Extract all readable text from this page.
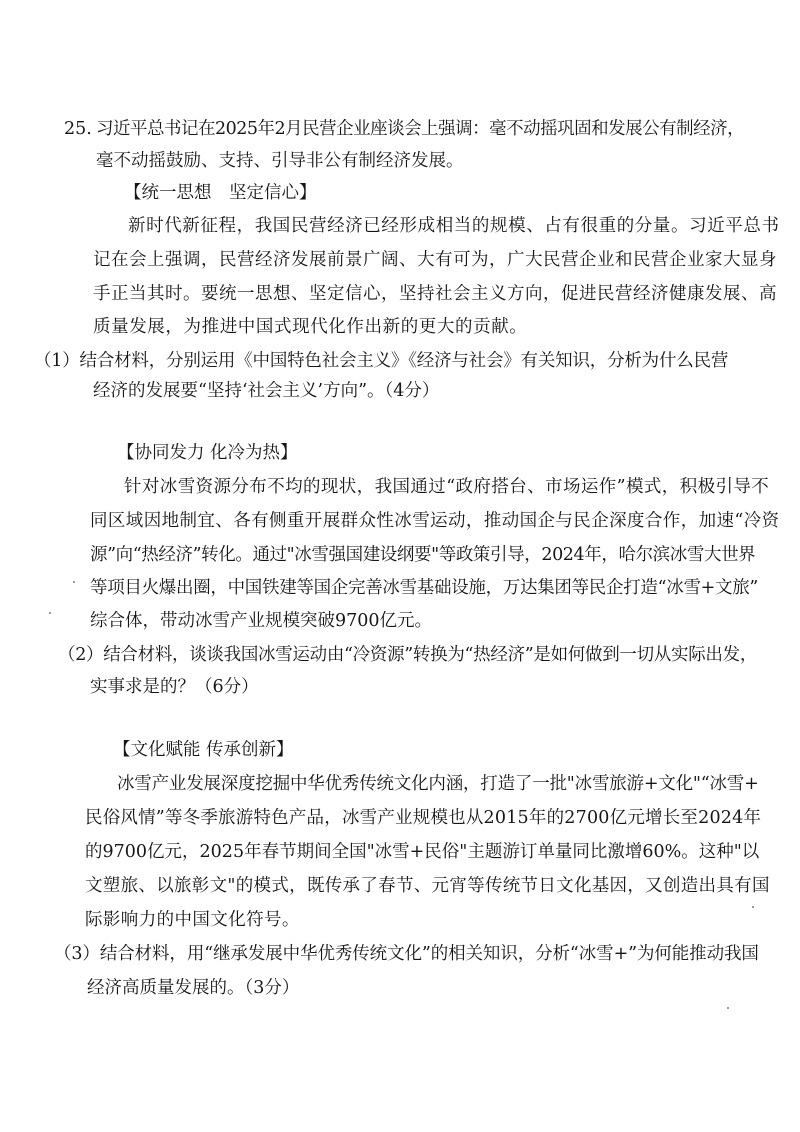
25. 习近平总书记在2025年2月民营企业座谈会上强调：毫不动摇巩固和发展公有制经济，
毫不动摇鼓励、支持、引导非公有制经济发展。
【统一思想　坚定信心】
新时代新征程，我国民营经济已经形成相当的规模、占有很重的分量。习近平总书
记在会上强调，民营经济发展前景广阔、大有可为，广大民营企业和民营企业家大显身
手正当其时。要统一思想、坚定信心，坚持社会主义方向，促进民营经济健康发展、高
质量发展，为推进中国式现代化作出新的更大的贡献。
（1）结合材料，分别运用《中国特色社会主义》《经济与社会》有关知识，分析为什么民营
经济的发展要“坚持‘社会主义’方向”。（4分）
【协同发力 化冷为热】
针对冰雪资源分布不均的现状，我国通过“政府搭台、市场运作”模式，积极引导不
同区域因地制宜、各有侧重开展群众性冰雪运动，推动国企与民企深度合作，加速“冷资
源”向“热经济”转化。通过"冰雪强国建设纲要"等政策引导，2024年，哈尔滨冰雪大世界
等项目火爆出圈，中国铁建等国企完善冰雪基础设施，万达集团等民企打造“冰雪+文旅”
综合体，带动冰雪产业规模突破9700亿元。
（2）结合材料，谈谈我国冰雪运动由“冷资源”转换为“热经济”是如何做到一切从实际出发，
实事求是的？（6分）
【文化赋能 传承创新】
冰雪产业发展深度挖掘中华优秀传统文化内涵，打造了一批"冰雪旅游+文化"“冰雪+
民俗风情”等冬季旅游特色产品，冰雪产业规模也从2015年的2700亿元增长至2024年
的9700亿元，2025年春节期间全国"冰雪+民俗"主题游订单量同比激增60%。这种"以
文塑旅、以旅彰文"的模式，既传承了春节、元宵等传统节日文化基因，又创造出具有国
际影响力的中国文化符号。
（3）结合材料，用“继承发展中华优秀传统文化”的相关知识，分析“冰雪+”为何能推动我国
经济高质量发展的。（3分）
